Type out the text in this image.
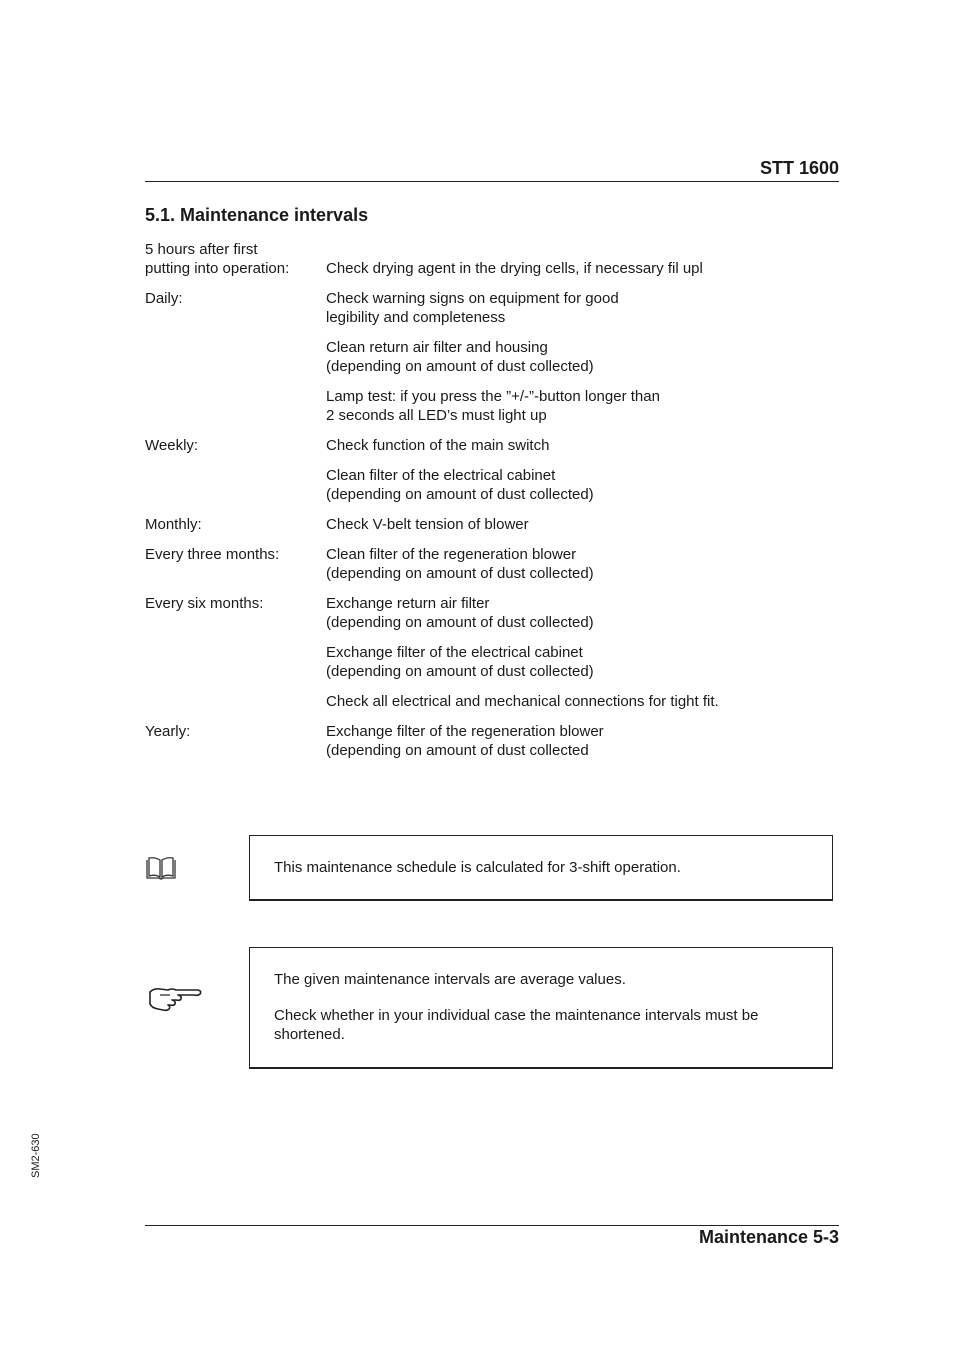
STT 1600
5.1. Maintenance intervals
5 hours after first
putting into operation:
	Check drying agent in the drying cells, if necessary fil upl
Daily:	Check warning signs on equipment for good
legibility and completeness
Clean return air filter and housing
(depending on amount of dust collected)
Lamp test: if you press the ”+/-”-button longer than
2 seconds all LED’s must light up
Weekly:	Check function of the main switch
Clean filter of the electrical cabinet
(depending on amount of dust collected)
Monthly:	Check V-belt tension of blower
Every three months:	Clean filter of the regeneration blower
(depending on amount of dust collected)
Every six months:	Exchange return air filter
(depending on amount of dust collected)
Exchange filter of the electrical cabinet
(depending on amount of dust collected)
Check all electrical and mechanical connections for tight fit.
Yearly:	Exchange filter of the regeneration blower
(depending on amount of dust collected

This maintenance schedule is calculated for 3-shift operation.

The given maintenance intervals are average values.

Check whether in your individual case the maintenance intervals must be shortened.

SM2-630
Maintenance 5-3
